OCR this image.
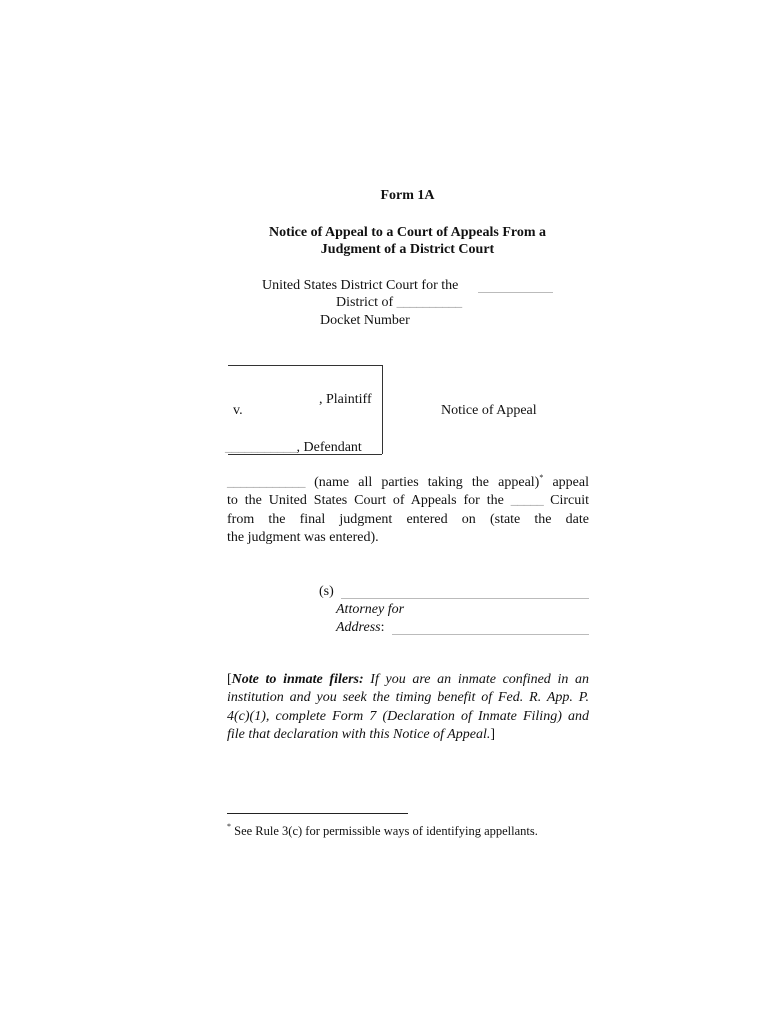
Form 1A
Notice of Appeal to a Court of Appeals From a
Judgment of a District Court
United States District Court for the
District of __________
Docket Number
, Plaintiff
v.	Notice of Appeal
___________, Defendant
____________ (name all parties taking the appeal)* appeal
to the United States Court of Appeals for the _____ Circuit
from the final judgment entered on (state the date
the judgment was entered).
(s)
Attorney for
Address:
[Note to inmate filers: If you are an inmate confined in an
institution and you seek the timing benefit of Fed. R. App. P.
4(c)(1), complete Form 7 (Declaration of Inmate Filing) and
file that declaration with this Notice of Appeal.]
* See Rule 3(c) for permissible ways of identifying appellants.
